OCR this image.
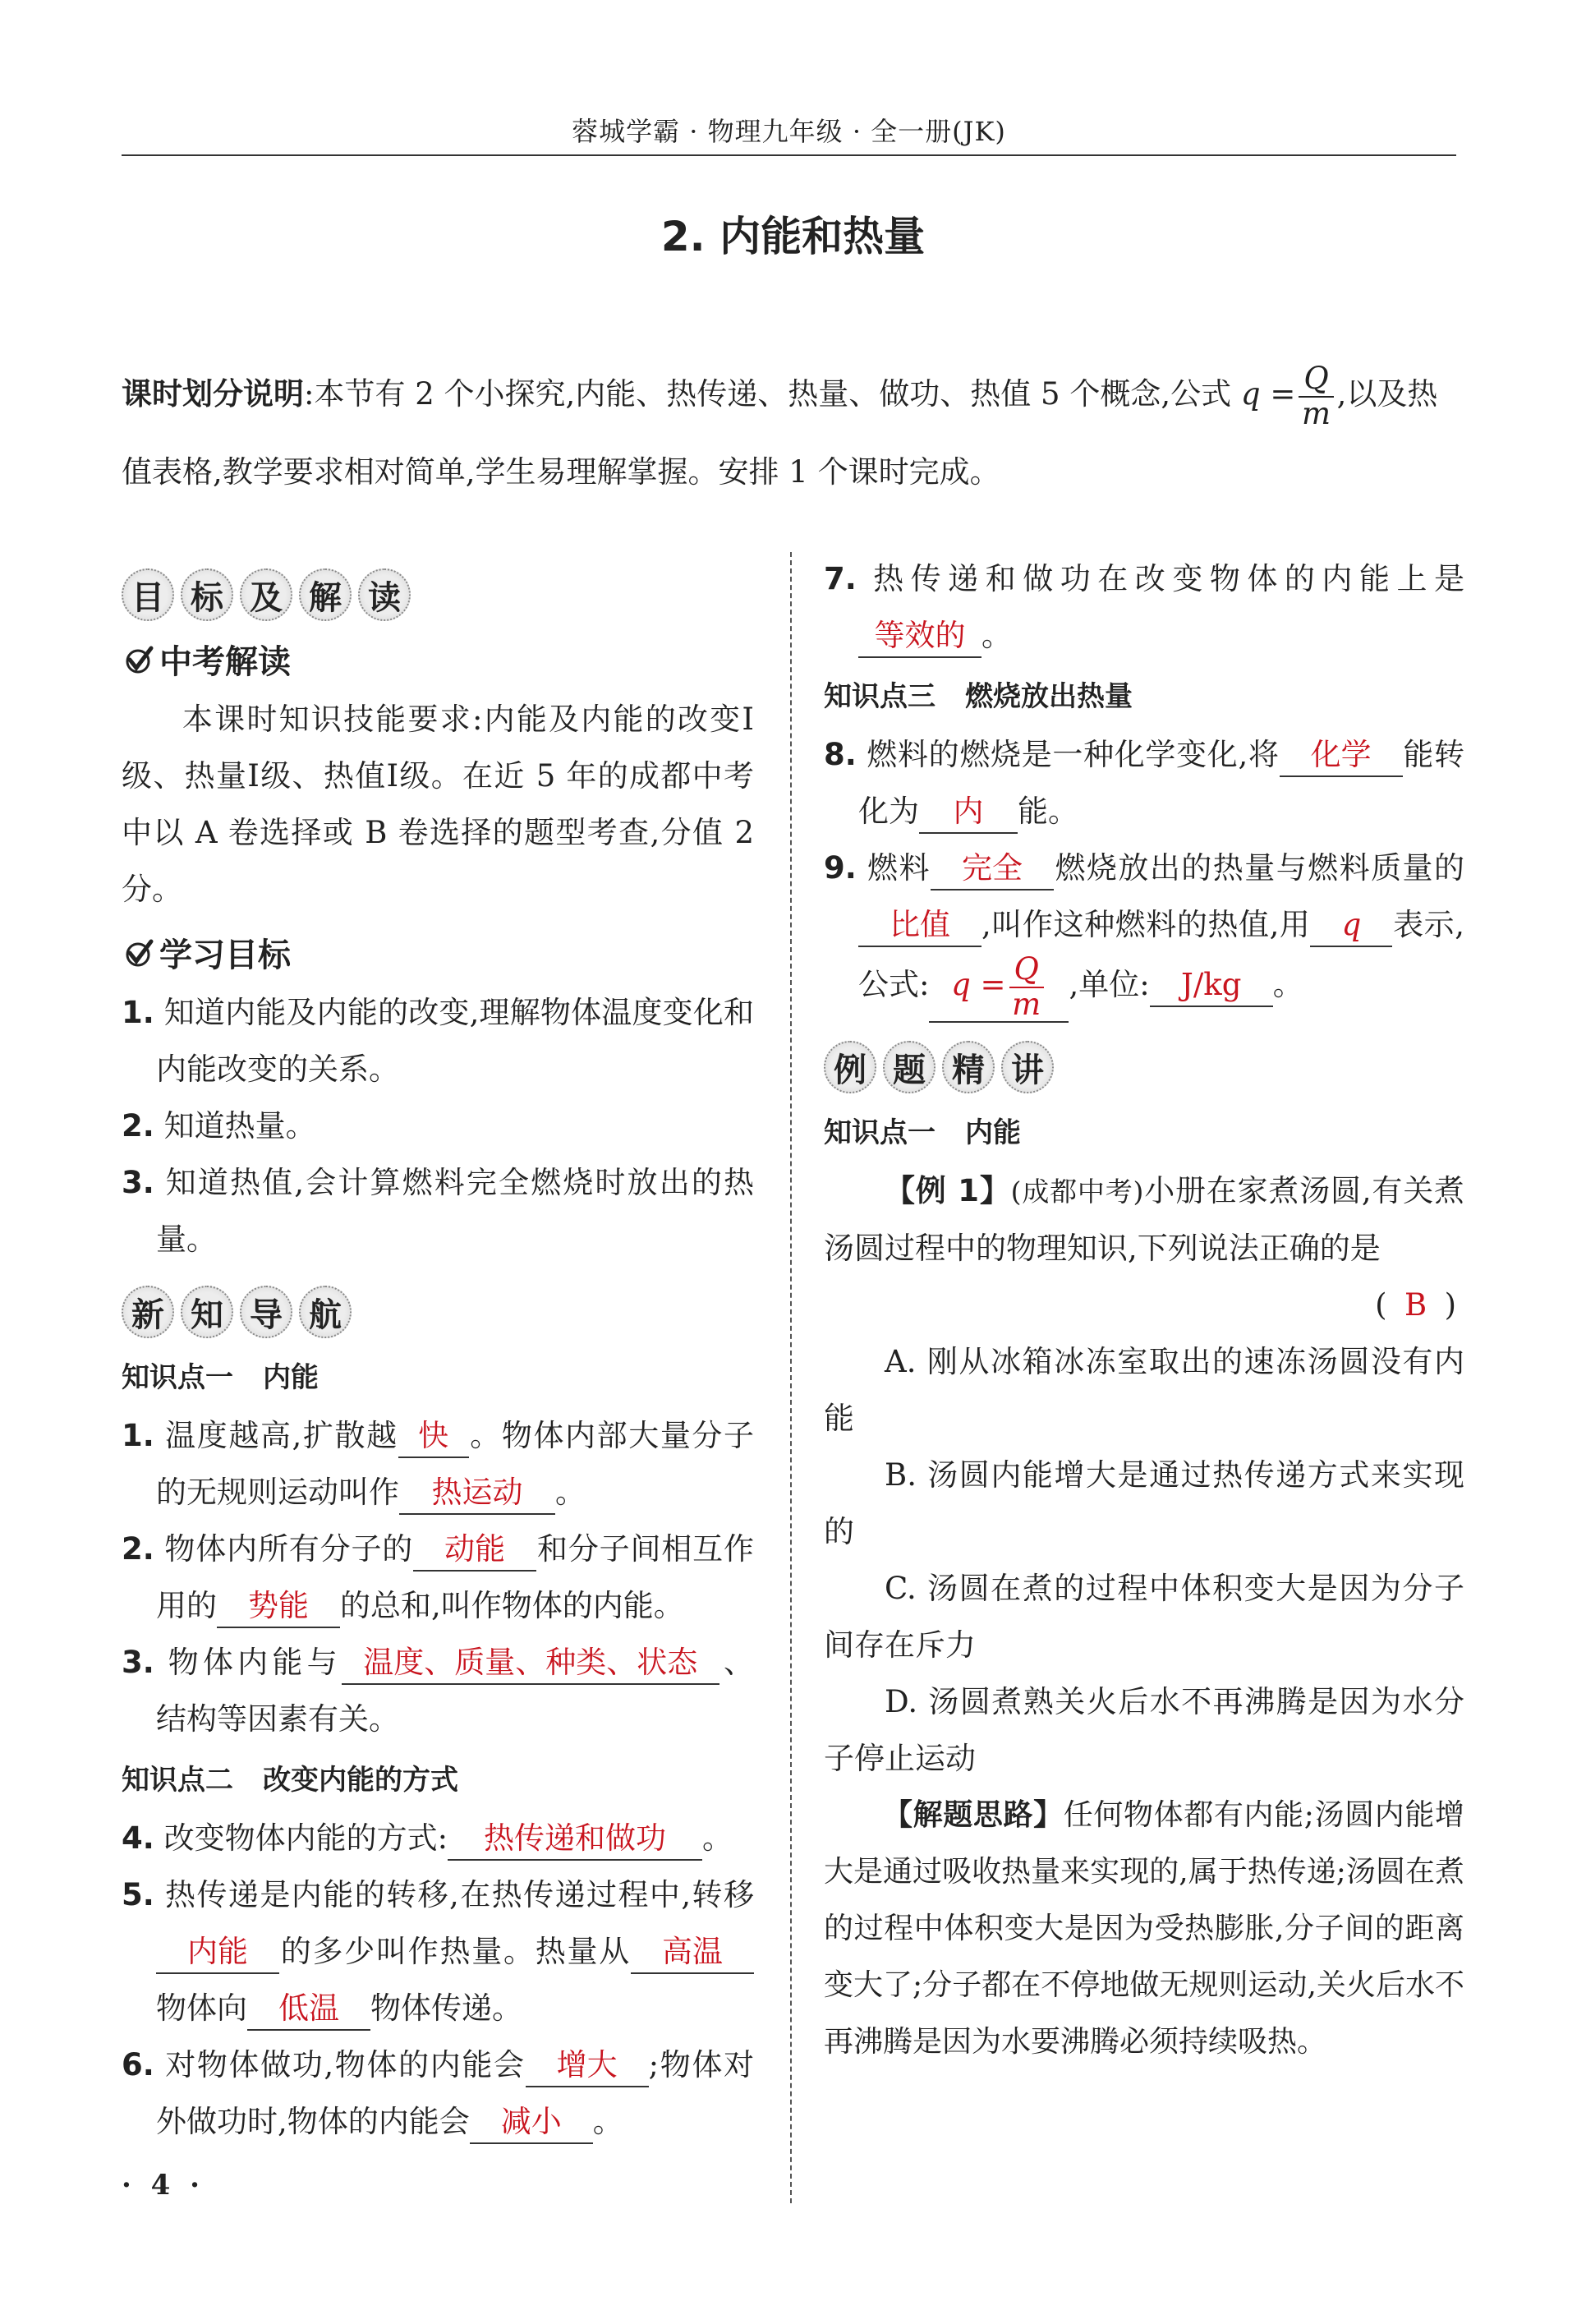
蓉城学霸 · 物理九年级 · 全一册(JK)
2. 内能和热量
课时划分说明:本节有 2 个小探究,内能、热传递、热量、做功、热值 5 个概念,公式 $q = \frac{Q}{m}$ ,以及热值表格,教学要求相对简单,学生易理解掌握。安排 1 个课时完成。
目 标 及 解 读
中考解读
本课时知识技能要求:内能及内能的改变Ⅰ级、热量Ⅰ级、热值Ⅰ级。在近 5 年的成都中考中以 A 卷选择或 B 卷选择的题型考查,分值 2 分。
学习目标
1. 知道内能及内能的改变,理解物体温度变化和内能改变的关系。
2. 知道热量。
3. 知道热值,会计算燃料完全燃烧时放出的热量。
新 知 导 航
知识点一 内能
1. 温度越高,扩散越 快 。物体内部大量分子的无规则运动叫作 热运动 。
2. 物体内所有分子的 动能 和分子间相互作用的 势能 的总和,叫作物体的内能。
3. 物体内能与 温度、质量、种类、状态 、结构等因素有关。
知识点二 改变内能的方式
4. 改变物体内能的方式: 热传递和做功 。
5. 热传递是内能的转移,在热传递过程中,转移内能 的多少叫作热量。热量从 高温物体向 低温 物体传递。
6. 对物体做功,物体的内能会 增大 ;物体对外做功时,物体的内能会 减小 。
7. 热传递和做功在改变物体的内能上是等效的 。
知识点三 燃烧放出热量
8. 燃料的燃烧是一种化学变化,将 化学 能转化为 内 能。
9. 燃料 完全 燃烧放出的热量与燃料质量的比值 ,叫作这种燃料的热值,用 q 表示,公式: $q = \frac{Q}{m}$ ,单位: J/kg 。
例 题 精 讲
知识点一 内能
【例 1】(成都中考)小册在家煮汤圆,有关煮汤圆过程中的物理知识,下列说法正确的是
( B )
A. 刚从冰箱冰冻室取出的速冻汤圆没有内能
B. 汤圆内能增大是通过热传递方式来实现的
C. 汤圆在煮的过程中体积变大是因为分子间存在斥力
D. 汤圆煮熟关火后水不再沸腾是因为水分子停止运动
【解题思路】任何物体都有内能;汤圆内能增大是通过吸收热量来实现的,属于热传递;汤圆在煮的过程中体积变大是因为受热膨胀,分子间的距离变大了;分子都在不停地做无规则运动,关火后水不再沸腾是因为水要沸腾必须持续吸热。
· 4 ·
